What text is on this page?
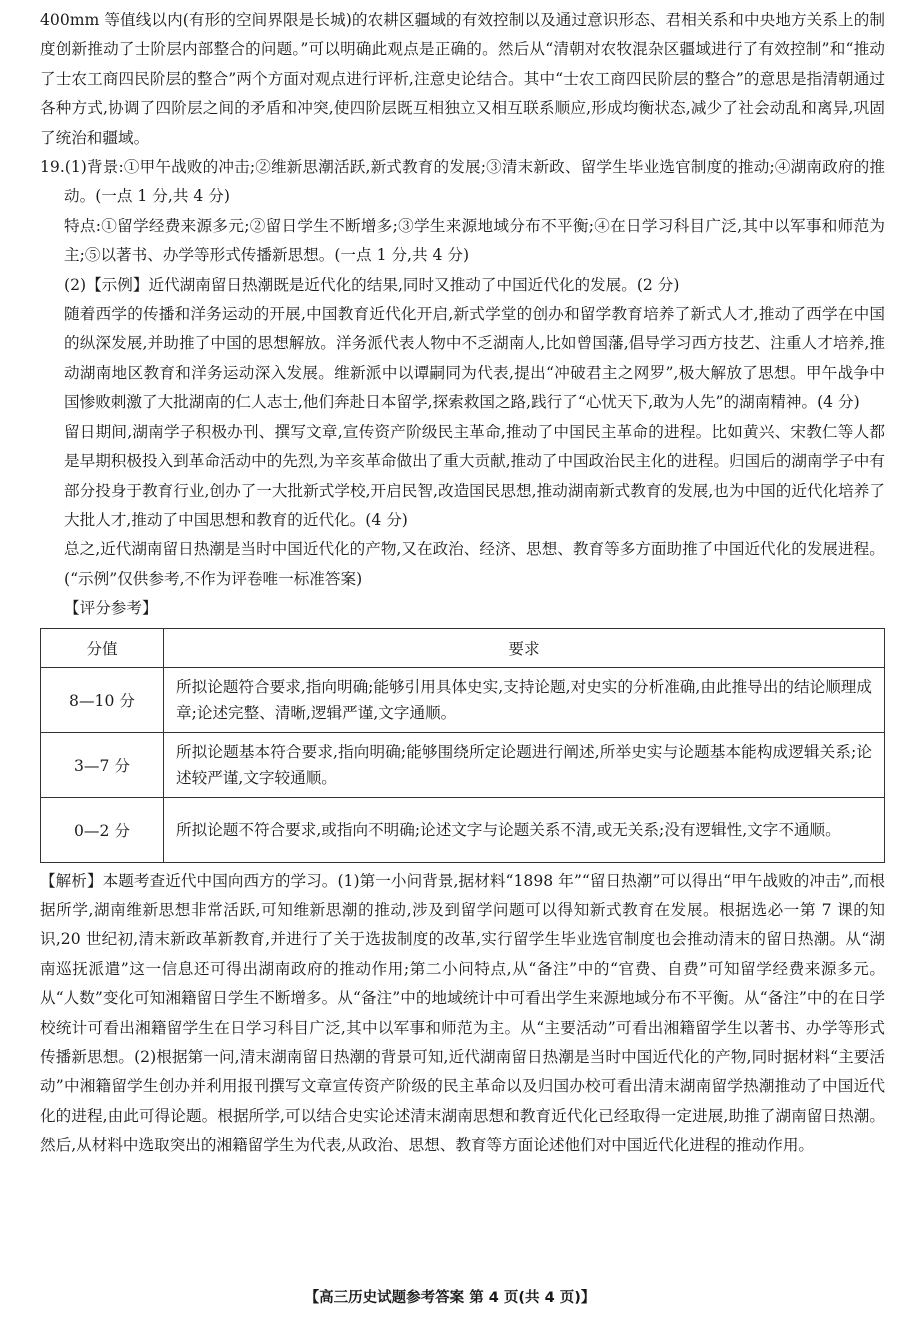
400mm 等值线以内(有形的空间界限是长城)的农耕区疆域的有效控制以及通过意识形态、君相关系和中央地方关系上的制度创新推动了士阶层内部整合的问题。”可以明确此观点是正确的。然后从“清朝对农牧混杂区疆域进行了有效控制”和“推动了士农工商四民阶层的整合”两个方面对观点进行评析,注意史论结合。其中“士农工商四民阶层的整合”的意思是指清朝通过各种方式,协调了四阶层之间的矛盾和冲突,使四阶层既互相独立又相互联系顺应,形成均衡状态,减少了社会动乱和离异,巩固了统治和疆域。

19.(1)背景:①甲午战败的冲击;②维新思潮活跃,新式教育的发展;③清末新政、留学生毕业选官制度的推动;④湖南政府的推动。(一点 1 分,共 4 分)

特点:①留学经费来源多元;②留日学生不断增多;③学生来源地域分布不平衡;④在日学习科目广泛,其中以军事和师范为主;⑤以著书、办学等形式传播新思想。(一点 1 分,共 4 分)

(2)【示例】近代湖南留日热潮既是近代化的结果,同时又推动了中国近代化的发展。(2 分)

随着西学的传播和洋务运动的开展,中国教育近代化开启,新式学堂的创办和留学教育培养了新式人才,推动了西学在中国的纵深发展,并助推了中国的思想解放。洋务派代表人物中不乏湖南人,比如曾国藩,倡导学习西方技艺、注重人才培养,推动湖南地区教育和洋务运动深入发展。维新派中以谭嗣同为代表,提出“冲破君主之网罗”,极大解放了思想。甲午战争中国惨败刺激了大批湖南的仁人志士,他们奔赴日本留学,探索救国之路,践行了“心忧天下,敢为人先”的湖南精神。(4 分)

留日期间,湖南学子积极办刊、撰写文章,宣传资产阶级民主革命,推动了中国民主革命的进程。比如黄兴、宋教仁等人都是早期积极投入到革命活动中的先烈,为辛亥革命做出了重大贡献,推动了中国政治民主化的进程。归国后的湖南学子中有部分投身于教育行业,创办了一大批新式学校,开启民智,改造国民思想,推动湖南新式教育的发展,也为中国的近代化培养了大批人才,推动了中国思想和教育的近代化。(4 分)

总之,近代湖南留日热潮是当时中国近代化的产物,又在政治、经济、思想、教育等多方面助推了中国近代化的发展进程。

(“示例”仅供参考,不作为评卷唯一标准答案)

【评分参考】

分值	要求
8—10 分	所拟论题符合要求,指向明确;能够引用具体史实,支持论题,对史实的分析准确,由此推导出的结论顺理成章;论述完整、清晰,逻辑严谨,文字通顺。
3—7 分	所拟论题基本符合要求,指向明确;能够围绕所定论题进行阐述,所举史实与论题基本能构成逻辑关系;论述较严谨,文字较通顺。
0—2 分	所拟论题不符合要求,或指向不明确;论述文字与论题关系不清,或无关系;没有逻辑性,文字不通顺。

【解析】本题考查近代中国向西方的学习。(1)第一小问背景,据材料“1898 年”“留日热潮”可以得出“甲午战败的冲击”,而根据所学,湖南维新思想非常活跃,可知维新思潮的推动,涉及到留学问题可以得知新式教育在发展。根据选必一第 7 课的知识,20 世纪初,清末新政革新教育,并进行了关于选拔制度的改革,实行留学生毕业选官制度也会推动清末的留日热潮。从“湖南巡抚派遣”这一信息还可得出湖南政府的推动作用;第二小问特点,从“备注”中的“官费、自费”可知留学经费来源多元。从“人数”变化可知湘籍留日学生不断增多。从“备注”中的地域统计中可看出学生来源地域分布不平衡。从“备注”中的在日学校统计可看出湘籍留学生在日学习科目广泛,其中以军事和师范为主。从“主要活动”可看出湘籍留学生以著书、办学等形式传播新思想。(2)根据第一问,清末湖南留日热潮的背景可知,近代湖南留日热潮是当时中国近代化的产物,同时据材料“主要活动”中湘籍留学生创办并利用报刊撰写文章宣传资产阶级的民主革命以及归国办校可看出清末湖南留学热潮推动了中国近代化的进程,由此可得论题。根据所学,可以结合史实论述清末湖南思想和教育近代化已经取得一定进展,助推了湖南留日热潮。然后,从材料中选取突出的湘籍留学生为代表,从政治、思想、教育等方面论述他们对中国近代化进程的推动作用。

【高三历史试题参考答案 第 4 页(共 4 页)】
